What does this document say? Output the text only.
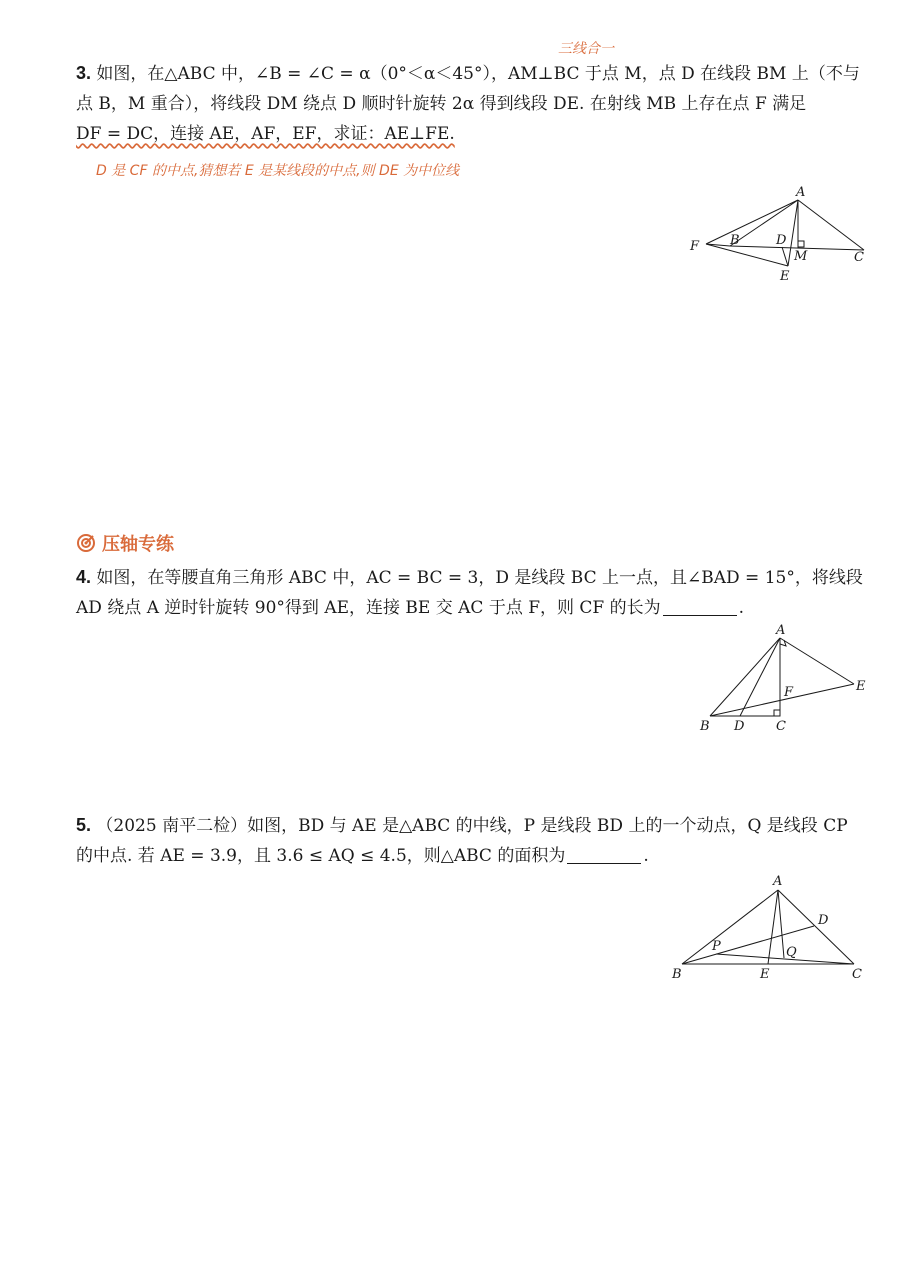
3. 如图，在△ABC 中，∠B = ∠C = α（0°＜α＜45°），AM⊥BC 于点 M，点 D 在线段 BM 上（不与
点 B，M 重合），将线段 DM 绕点 D 顺时针旋转 2α 得到线段 DE. 在射线 MB 上存在点 F 满足
DF = DC，连接 AE，AF，EF，求证：AE⊥FE.
三线合一
D 是 CF 的中点,猜想若 E 是某线段的中点,则 DE 为中位线
A
F B	D
M	C
E
压轴专练
4. 如图，在等腰直角三角形 ABC 中，AC = BC = 3，D 是线段 BC 上一点，且∠BAD = 15°，将线段
AD 绕点 A 逆时针旋转 90°得到 AE，连接 BE 交 AC 于点 F，则 CF 的长为	.
A
E
F
B D C
5. （2025 南平二检）如图，BD 与 AE 是△ABC 的中线，P 是线段 BD 上的一个动点，Q 是线段 CP
的中点. 若 AE = 3.9，且 3.6 ≤ AQ ≤ 4.5，则△ABC 的面积为	.
A
D
P	Q
B	E	C
